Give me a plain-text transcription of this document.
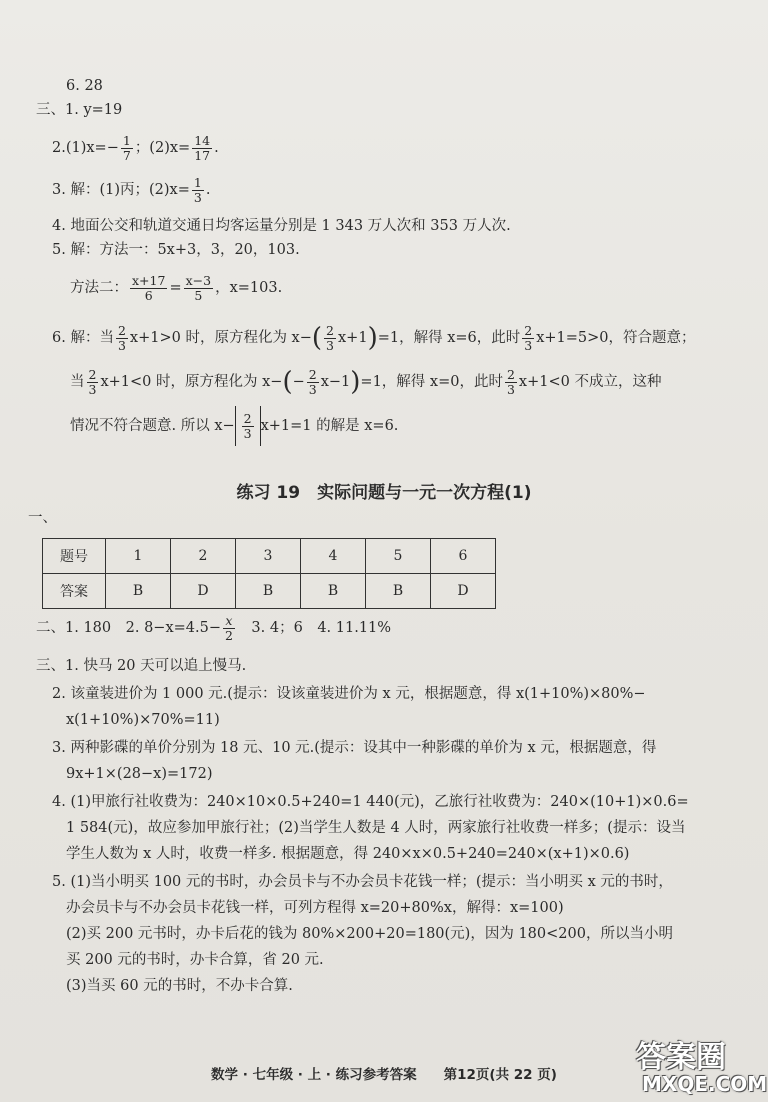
6. 28
三、1. y=19
$2.(1)x=- \frac{1}{7}$ ；$(2)x= \frac{14}{17}$ .
3. 解：(1)丙；$(2)x= \frac{1}{3}$ .
4. 地面公交和轨道交通日均客运量分别是 1 343 万人次和 353 万人次.
5. 解：方法一：5x+3，3，20，103.
方法二： $\frac{x+17}{6} = \frac{x-3}{5}$ ，x=103.
6. 解：当 $\frac{2}{3} x+1>0$ 时，原方程化为 $x-( \frac{2}{3} x+1)=1$，解得 x=6，此时 $\frac{2}{3} x+1=5>0$，符合题意；
当 $\frac{2}{3} x+1<0$ 时，原方程化为 $x-(- \frac{2}{3} x-1)=1$，解得 x=0，此时 $\frac{2}{3} x+1<0$ 不成立，这种
情况不符合题意. 所以 $x- \frac{2}{3} x+1=1$ 的解是 x=6.
练习 19　实际问题与一元一次方程(1)
一、
题号	1	2	3	4	5	6
答案	B	D	B	B	B	D
二、1. 180　2. $8-x=4.5- \frac{x}{2}$ 　3. 4；6　4. 11.11%
三、1. 快马 20 天可以追上慢马.
2. 该童装进价为 1 000 元.(提示：设该童装进价为 x 元，根据题意，得 x(1+10%)×80%−
x(1+10%)×70%=11)
3. 两种影碟的单价分别为 18 元、10 元.(提示：设其中一种影碟的单价为 x 元，根据题意，得
9x+1×(28−x)=172)
4. (1)甲旅行社收费为：240×10×0.5+240=1 440(元)，乙旅行社收费为：240×(10+1)×0.6=
1 584(元)，故应参加甲旅行社；(2)当学生人数是 4 人时，两家旅行社收费一样多；(提示：设当
学生人数为 x 人时，收费一样多. 根据题意，得 240×x×0.5+240=240×(x+1)×0.6)
5. (1)当小明买 100 元的书时，办会员卡与不办会员卡花钱一样；(提示：当小明买 x 元的书时，
办会员卡与不办会员卡花钱一样，可列方程得 x=20+80%x，解得：x=100)
(2)买 200 元书时，办卡后花的钱为 80%×200+20=180(元)，因为 180<200，所以当小明
买 200 元的书时，办卡合算，省 20 元.
(3)当买 60 元的书时，不办卡合算.
数学 · 七年级 · 上 · 练习参考答案　　第12页(共 22 页)	答案圈
MXQE.COM
